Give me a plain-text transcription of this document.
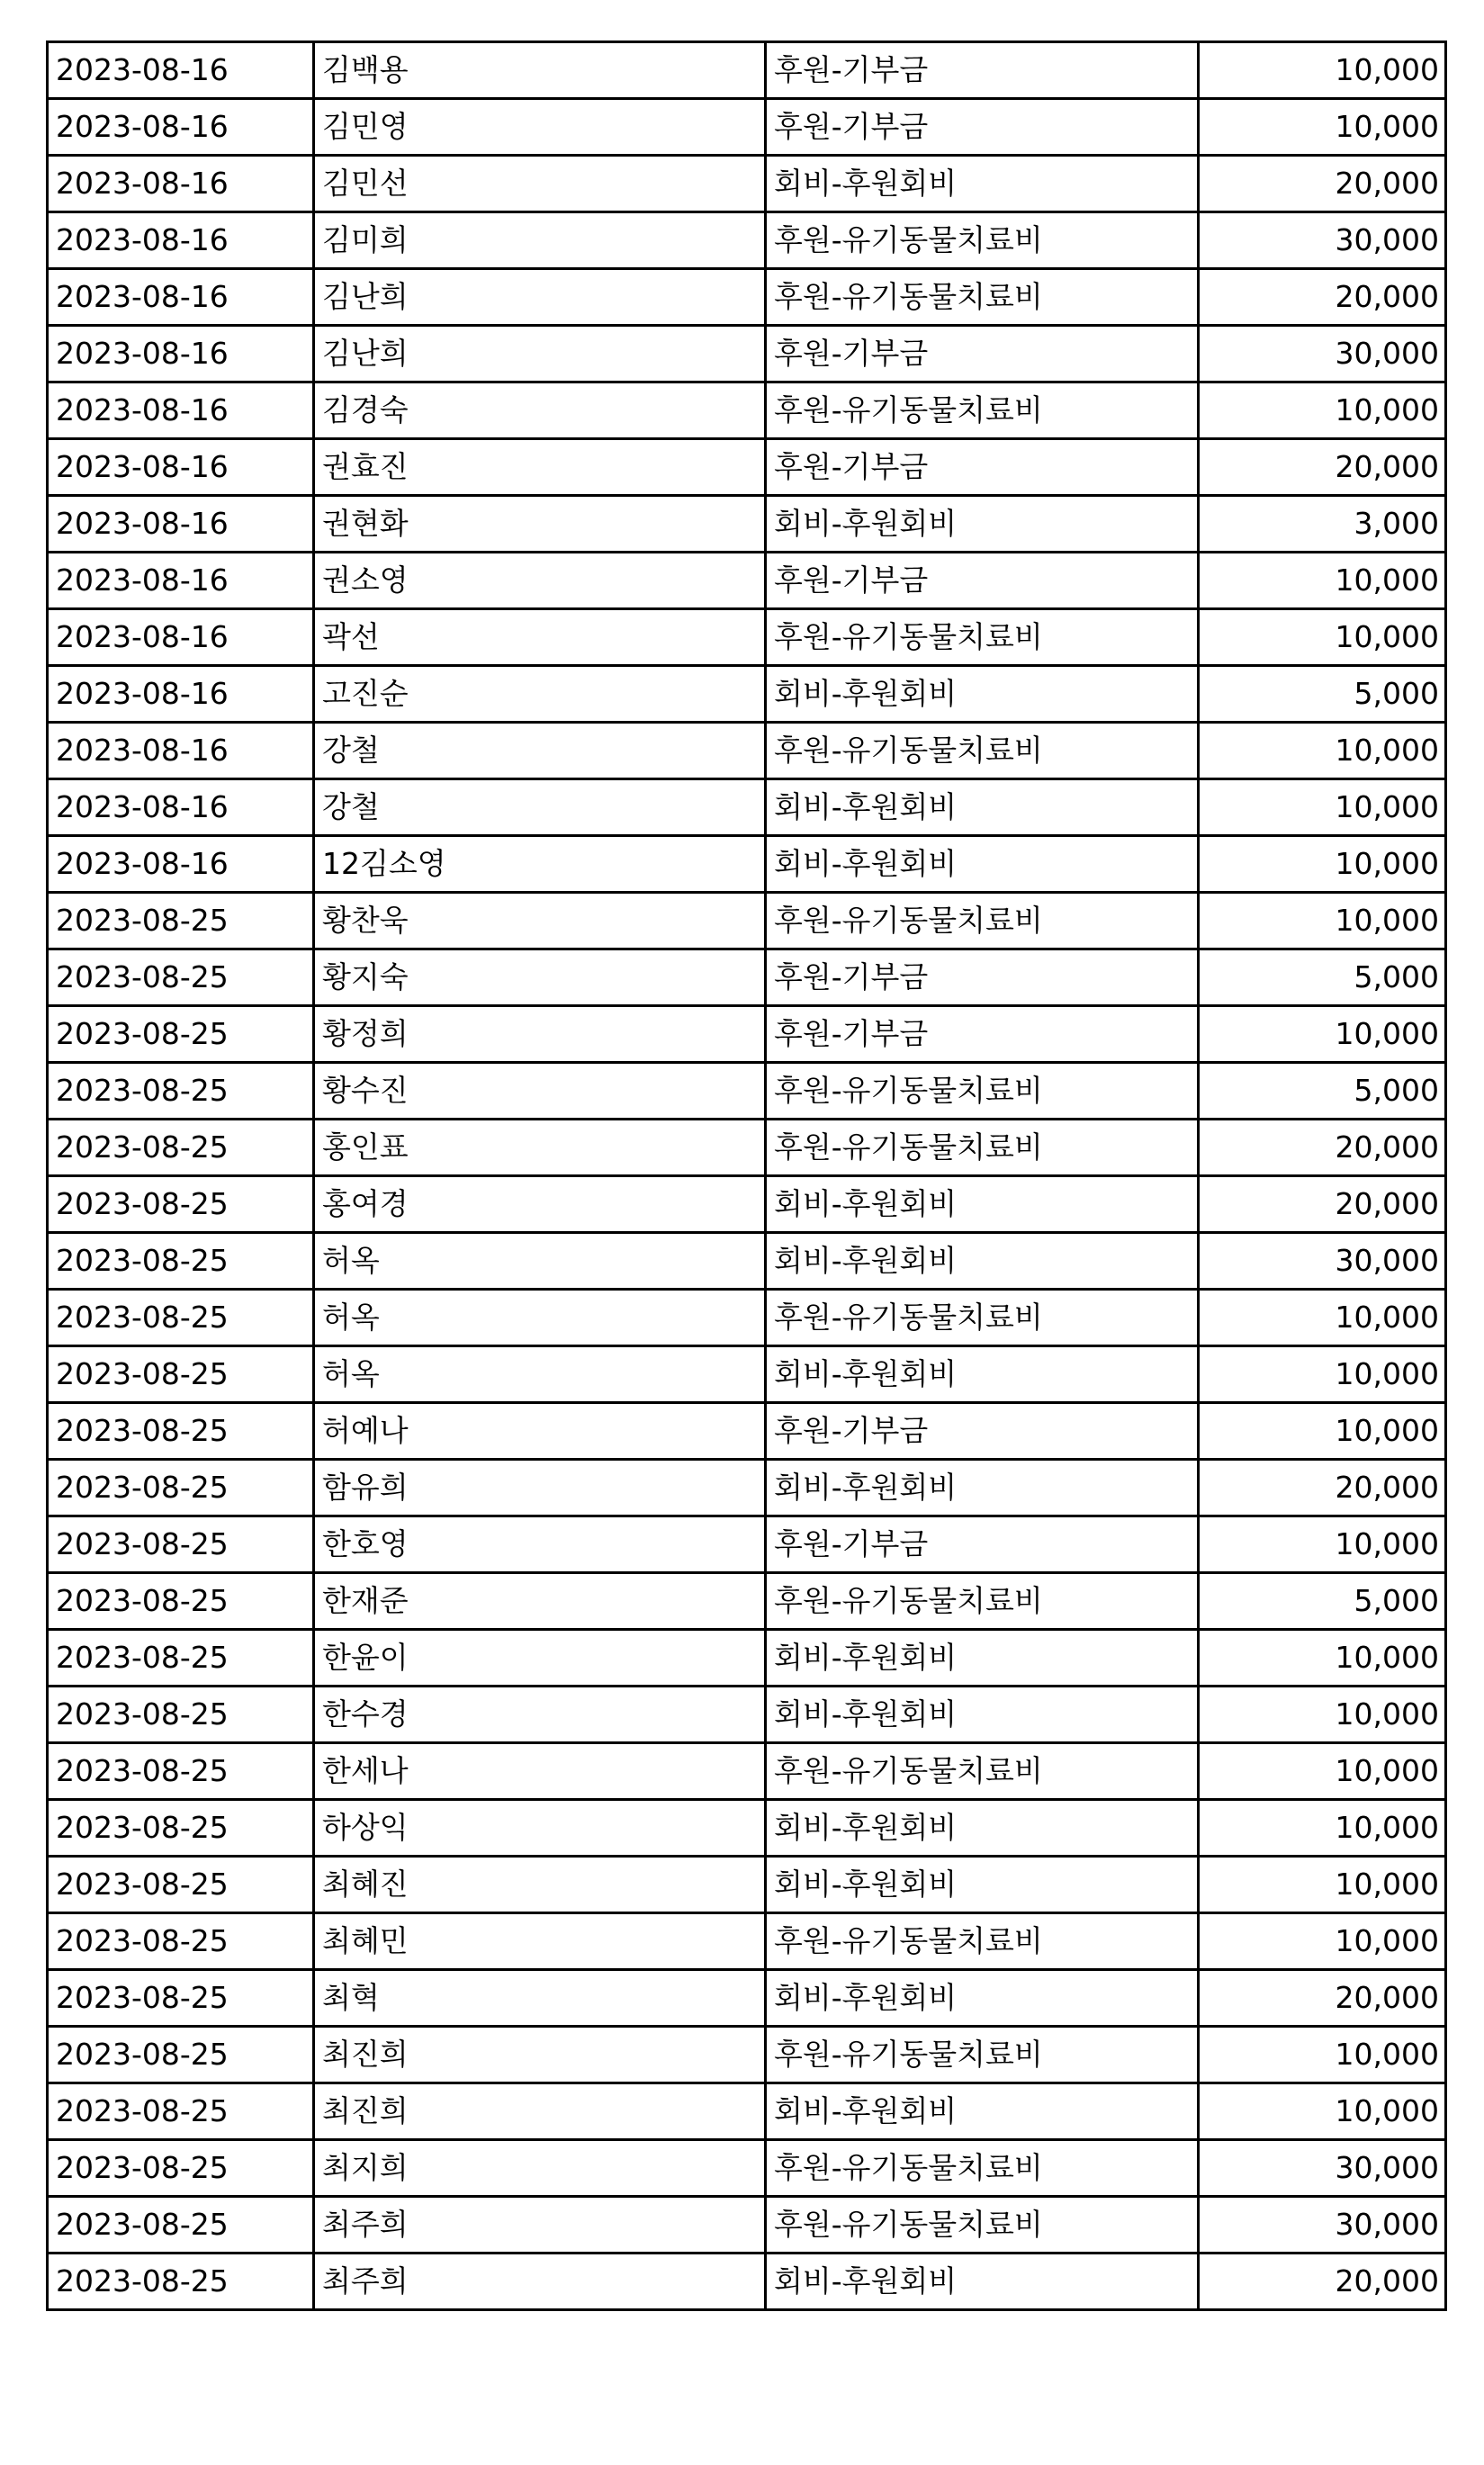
2023-08-16	김백용	후원-기부금	10,000
2023-08-16	김민영	후원-기부금	10,000
2023-08-16	김민선	회비-후원회비	20,000
2023-08-16	김미희	후원-유기동물치료비	30,000
2023-08-16	김난희	후원-유기동물치료비	20,000
2023-08-16	김난희	후원-기부금	30,000
2023-08-16	김경숙	후원-유기동물치료비	10,000
2023-08-16	권효진	후원-기부금	20,000
2023-08-16	권현화	회비-후원회비	3,000
2023-08-16	권소영	후원-기부금	10,000
2023-08-16	곽선	후원-유기동물치료비	10,000
2023-08-16	고진순	회비-후원회비	5,000
2023-08-16	강철	후원-유기동물치료비	10,000
2023-08-16	강철	회비-후원회비	10,000
2023-08-16	12김소영	회비-후원회비	10,000
2023-08-25	황찬욱	후원-유기동물치료비	10,000
2023-08-25	황지숙	후원-기부금	5,000
2023-08-25	황정희	후원-기부금	10,000
2023-08-25	황수진	후원-유기동물치료비	5,000
2023-08-25	홍인표	후원-유기동물치료비	20,000
2023-08-25	홍여경	회비-후원회비	20,000
2023-08-25	허옥	회비-후원회비	30,000
2023-08-25	허옥	후원-유기동물치료비	10,000
2023-08-25	허옥	회비-후원회비	10,000
2023-08-25	허예나	후원-기부금	10,000
2023-08-25	함유희	회비-후원회비	20,000
2023-08-25	한호영	후원-기부금	10,000
2023-08-25	한재준	후원-유기동물치료비	5,000
2023-08-25	한윤이	회비-후원회비	10,000
2023-08-25	한수경	회비-후원회비	10,000
2023-08-25	한세나	후원-유기동물치료비	10,000
2023-08-25	하상익	회비-후원회비	10,000
2023-08-25	최혜진	회비-후원회비	10,000
2023-08-25	최혜민	후원-유기동물치료비	10,000
2023-08-25	최혁	회비-후원회비	20,000
2023-08-25	최진희	후원-유기동물치료비	10,000
2023-08-25	최진희	회비-후원회비	10,000
2023-08-25	최지희	후원-유기동물치료비	30,000
2023-08-25	최주희	후원-유기동물치료비	30,000
2023-08-25	최주희	회비-후원회비	20,000
